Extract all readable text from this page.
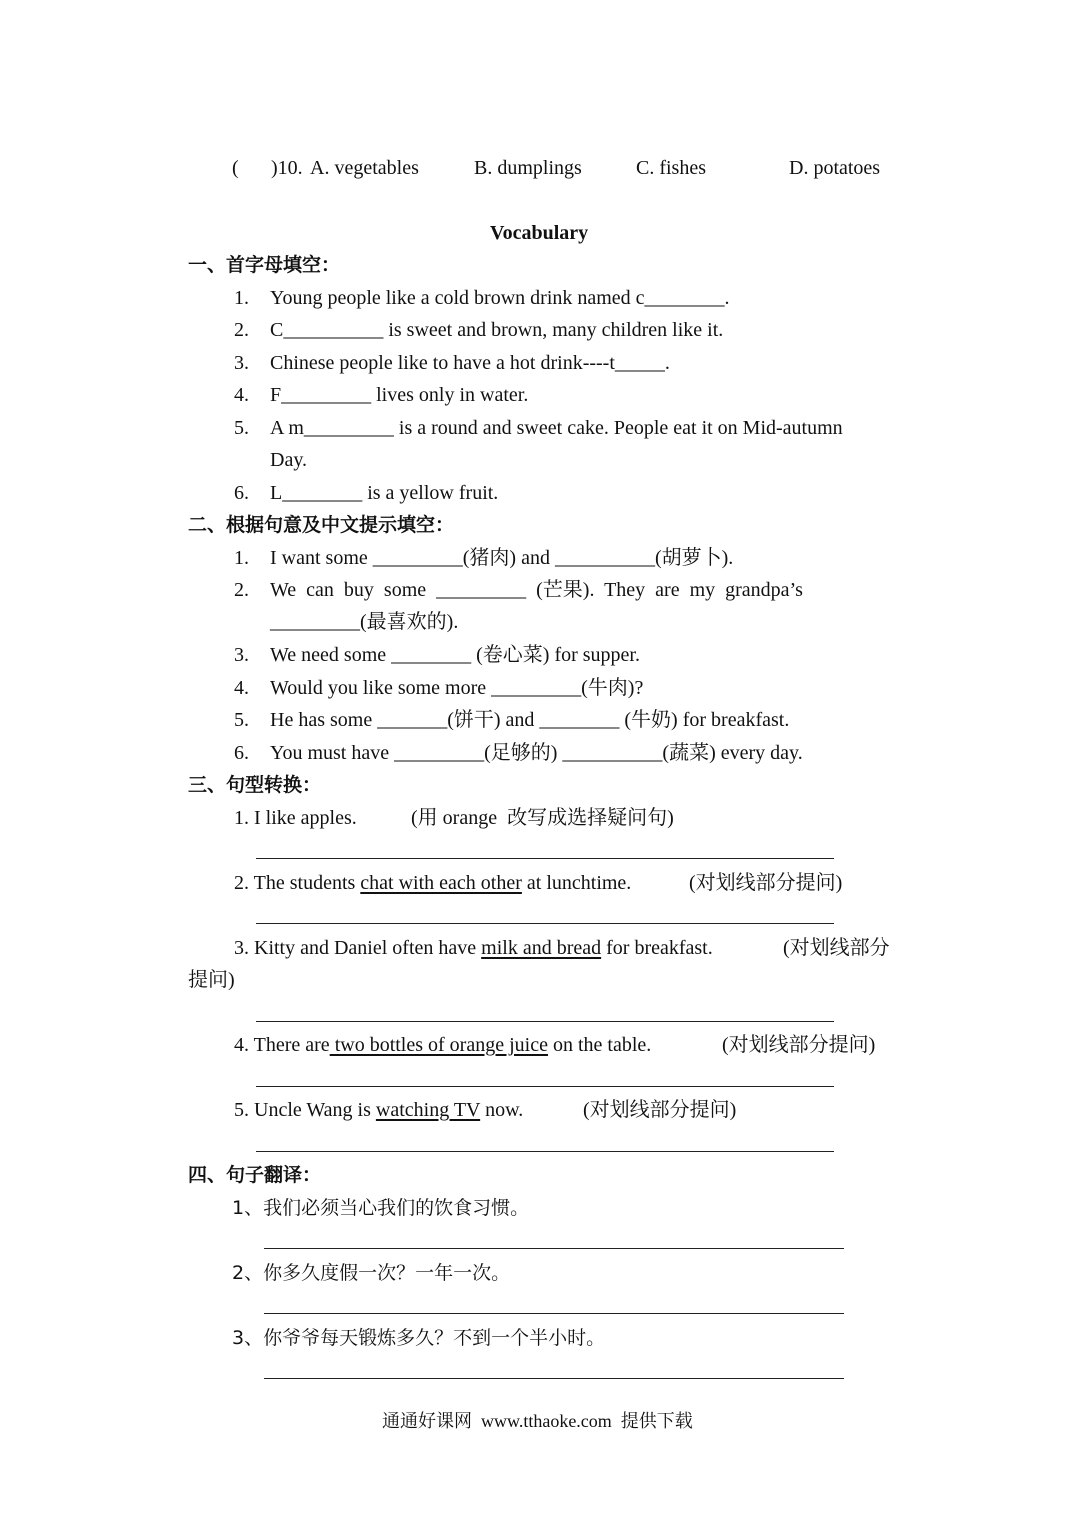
( )10. A. vegetables	B. dumplings	C. fishes	D. potatoes
Vocabulary
一、首字母填空：
1. Young people like a cold brown drink named c________.
2. C__________ is sweet and brown, many children like it.
3. Chinese people like to have a hot drink----t_____.
4. F_________ lives only in water.
5. A m_________ is a round and sweet cake. People eat it on Mid-autumn
Day.
6. L________ is a yellow fruit.
二、根据句意及中文提示填空：
1. I want some _________(猪肉) and __________(胡萝卜).
2. We  can  buy  some  _________  (芒果).  They  are  my  grandpa’s
_________(最喜欢的).
3. We need some ________ (卷心菜) for supper.
4. Would you like some more _________(牛肉)?
5. He has some _______(饼干) and ________ (牛奶) for breakfast.
6. You must have _________(足够的) __________(蔬菜) every day.
三、句型转换：
1. I like apples.	(用 orange  改写成选择疑问句)
2. The students chat with each other at lunchtime.	(对划线部分提问)
3. Kitty and Daniel often have milk and bread for breakfast.	(对划线部分
提问)
4. There are two bottles of orange juice on the table.	(对划线部分提问)
5. Uncle Wang is watching TV now.	(对划线部分提问)
四、句子翻译：
1、我们必须当心我们的饮食习惯。
2、你多久度假一次？一年一次。
3、你爷爷每天锻炼多久？不到一个半小时。
通通好课网  www.tthaoke.com  提供下载
